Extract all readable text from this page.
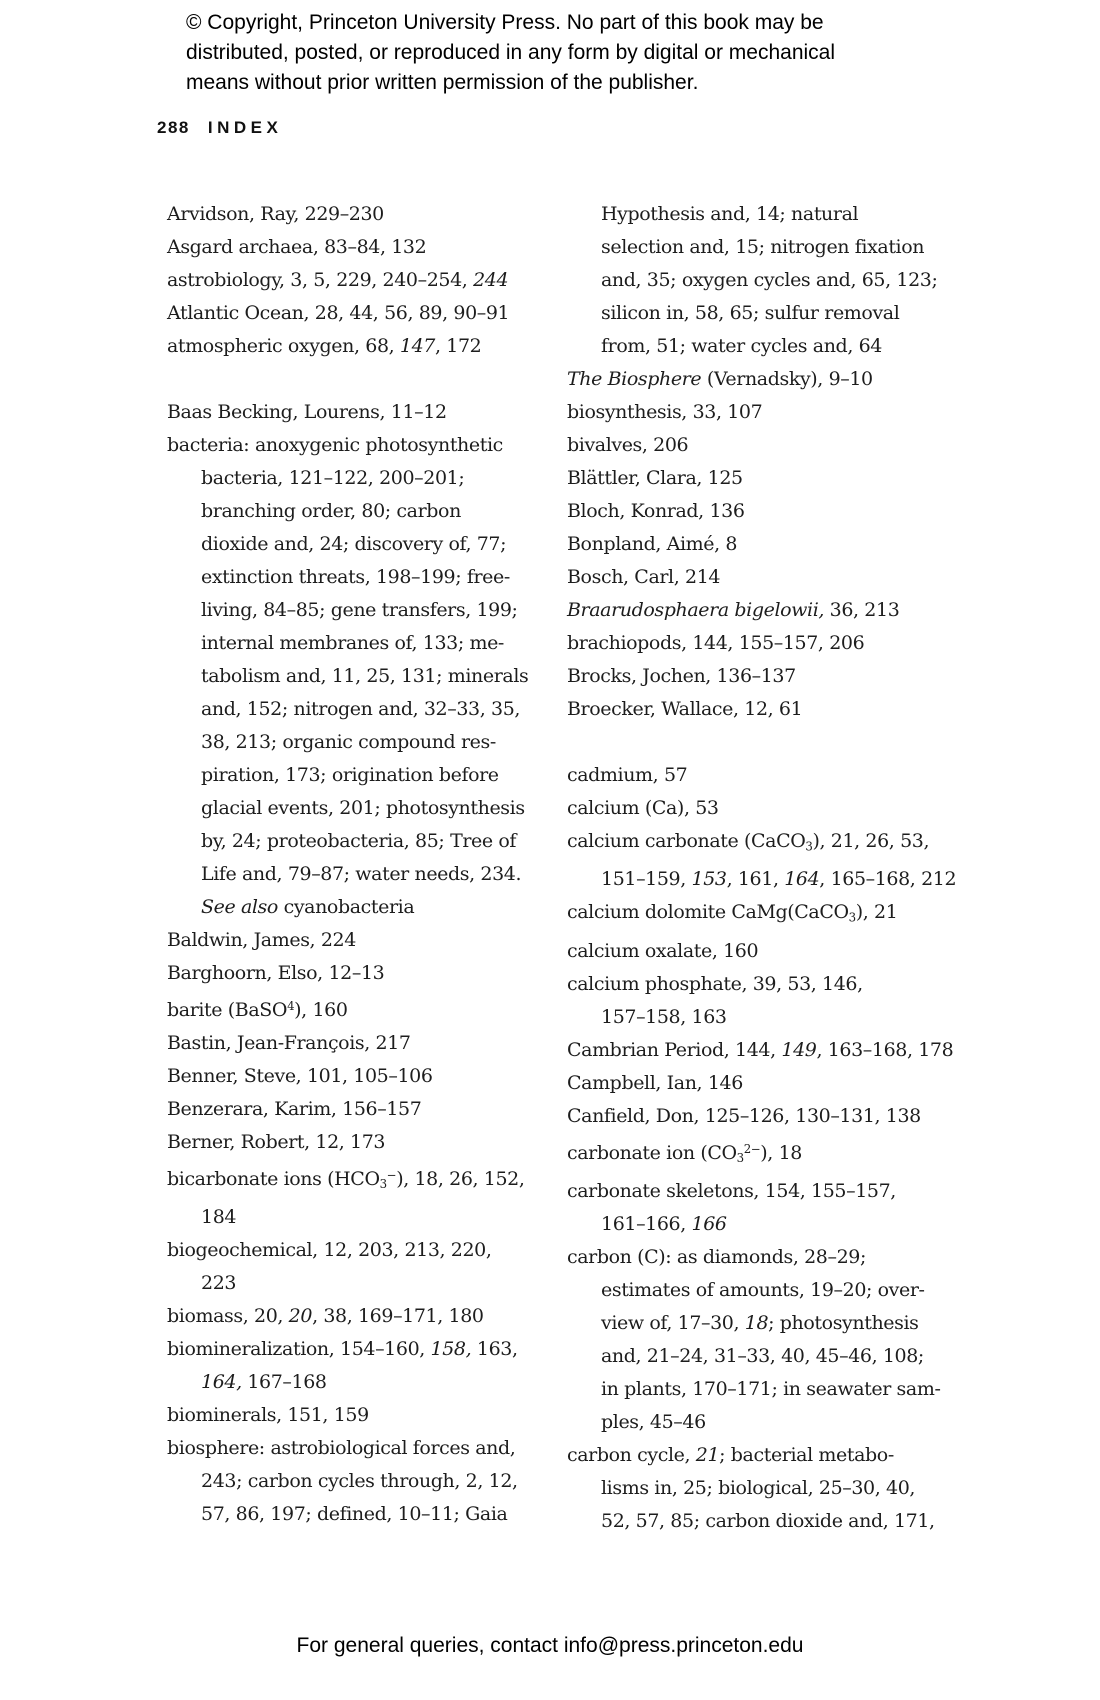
© Copyright, Princeton University Press. No part of this book may be
distributed, posted, or reproduced in any form by digital or mechanical
means without prior written permission of the publisher.
288 INDEX
Arvidson, Ray, 229–230
Asgard archaea, 83–84, 132
astrobiology, 3, 5, 229, 240–254, 244
Atlantic Ocean, 28, 44, 56, 89, 90–91
atmospheric oxygen, 68, 147, 172
Baas Becking, Lourens, 11–12
bacteria: anoxygenic photosynthetic
bacteria, 121–122, 200–201;
branching order, 80; carbon
dioxide and, 24; discovery of, 77;
extinction threats, 198–199; free-
living, 84–85; gene transfers, 199;
internal membranes of, 133; me-
tabolism and, 11, 25, 131; minerals
and, 152; nitrogen and, 32–33, 35,
38, 213; organic compound res-
piration, 173; origination before
glacial events, 201; photosynthesis
by, 24; proteobacteria, 85; Tree of
Life and, 79–87; water needs, 234.
See also cyanobacteria
Baldwin, James, 224
Barghoorn, Elso, 12–13
barite (BaSO$^4$), 160
Bastin, Jean-François, 217
Benner, Steve, 101, 105–106
Benzerara, Karim, 156–157
Berner, Robert, 12, 173
bicarbonate ions $(HCO_3^-)$, 18, 26, 152,
184
biogeochemical, 12, 203, 213, 220,
223
biomass, 20, 20, 38, 169–171, 180
biomineralization, 154–160, 158, 163,
164, 167–168
biominerals, 151, 159
biosphere: astrobiological forces and,
243; carbon cycles through, 2, 12,
57, 86, 197; defined, 10–11; Gaia
Hypothesis and, 14; natural
selection and, 15; nitrogen fixation
and, 35; oxygen cycles and, 65, 123;
silicon in, 58, 65; sulfur removal
from, 51; water cycles and, 64
The Biosphere (Vernadsky), 9–10
biosynthesis, 33, 107
bivalves, 206
Blättler, Clara, 125
Bloch, Konrad, 136
Bonpland, Aimé, 8
Bosch, Carl, 214
Braarudosphaera bigelowii, 36, 213
brachiopods, 144, 155–157, 206
Brocks, Jochen, 136–137
Broecker, Wallace, 12, 61
cadmium, 57
calcium (Ca), 53
calcium carbonate (CaCO$_3$), 21, 26, 53,
151–159, 153, 161, 164, 165–168, 212
calcium dolomite CaMg(CaCO$_3$), 21
calcium oxalate, 160
calcium phosphate, 39, 53, 146,
157–158, 163
Cambrian Period, 144, 149, 163–168, 178
Campbell, Ian, 146
Canfield, Don, 125–126, 130–131, 138
carbonate ion $(CO_3^{2-})$, 18
carbonate skeletons, 154, 155–157,
161–166, 166
carbon (C): as diamonds, 28–29;
estimates of amounts, 19–20; over-
view of, 17–30, 18; photosynthesis
and, 21–24, 31–33, 40, 45–46, 108;
in plants, 170–171; in seawater sam-
ples, 45–46
carbon cycle, 21; bacterial metabo-
lisms in, 25; biological, 25–30, 40,
52, 57, 85; carbon dioxide and, 171,
For general queries, contact info@press.princeton.edu
